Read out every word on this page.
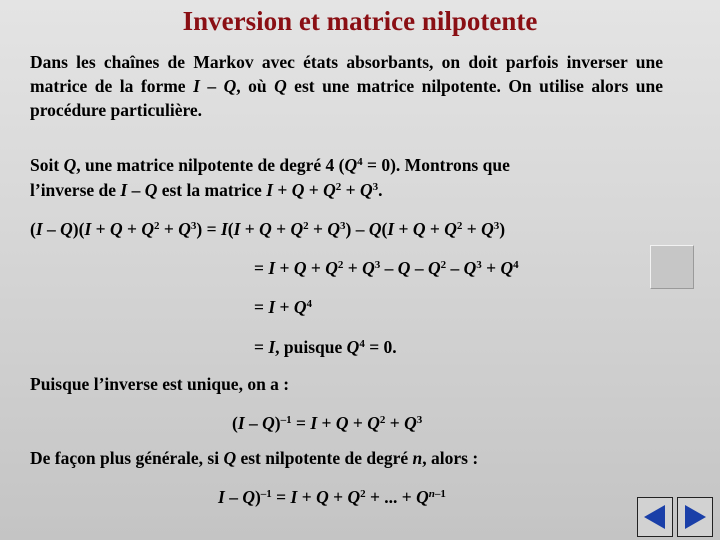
Inversion et matrice nilpotente
Dans les chaînes de Markov avec états absorbants, on doit parfois inverser une matrice de la forme I – Q, où Q est une matrice nilpotente. On utilise alors une procédure particulière.
Soit Q, une matrice nilpotente de degré 4 $(Q^4 = 0)$. Montrons que
l’inverse de I – Q est la matrice $I + Q + Q^2 + Q^3$.
$(I - Q)(I + Q + Q^2 + Q^3) = I(I + Q + Q^2 + Q^3) - Q(I + Q + Q^2 + Q^3)$
= $I + Q + Q^2 + Q^3 - Q - Q^2 - Q^3 + Q^4$
= $I + Q^4$
= I, puisque $Q^4 = 0$.
Puisque l’inverse est unique, on a :
$(I - Q)^{-1} = I + Q + Q^2 + Q^3$
De façon plus générale, si Q est nilpotente de degré n, alors :
$I - Q)^{-1} = I + Q + Q^2$ + ... + $Q^{n-1}$
